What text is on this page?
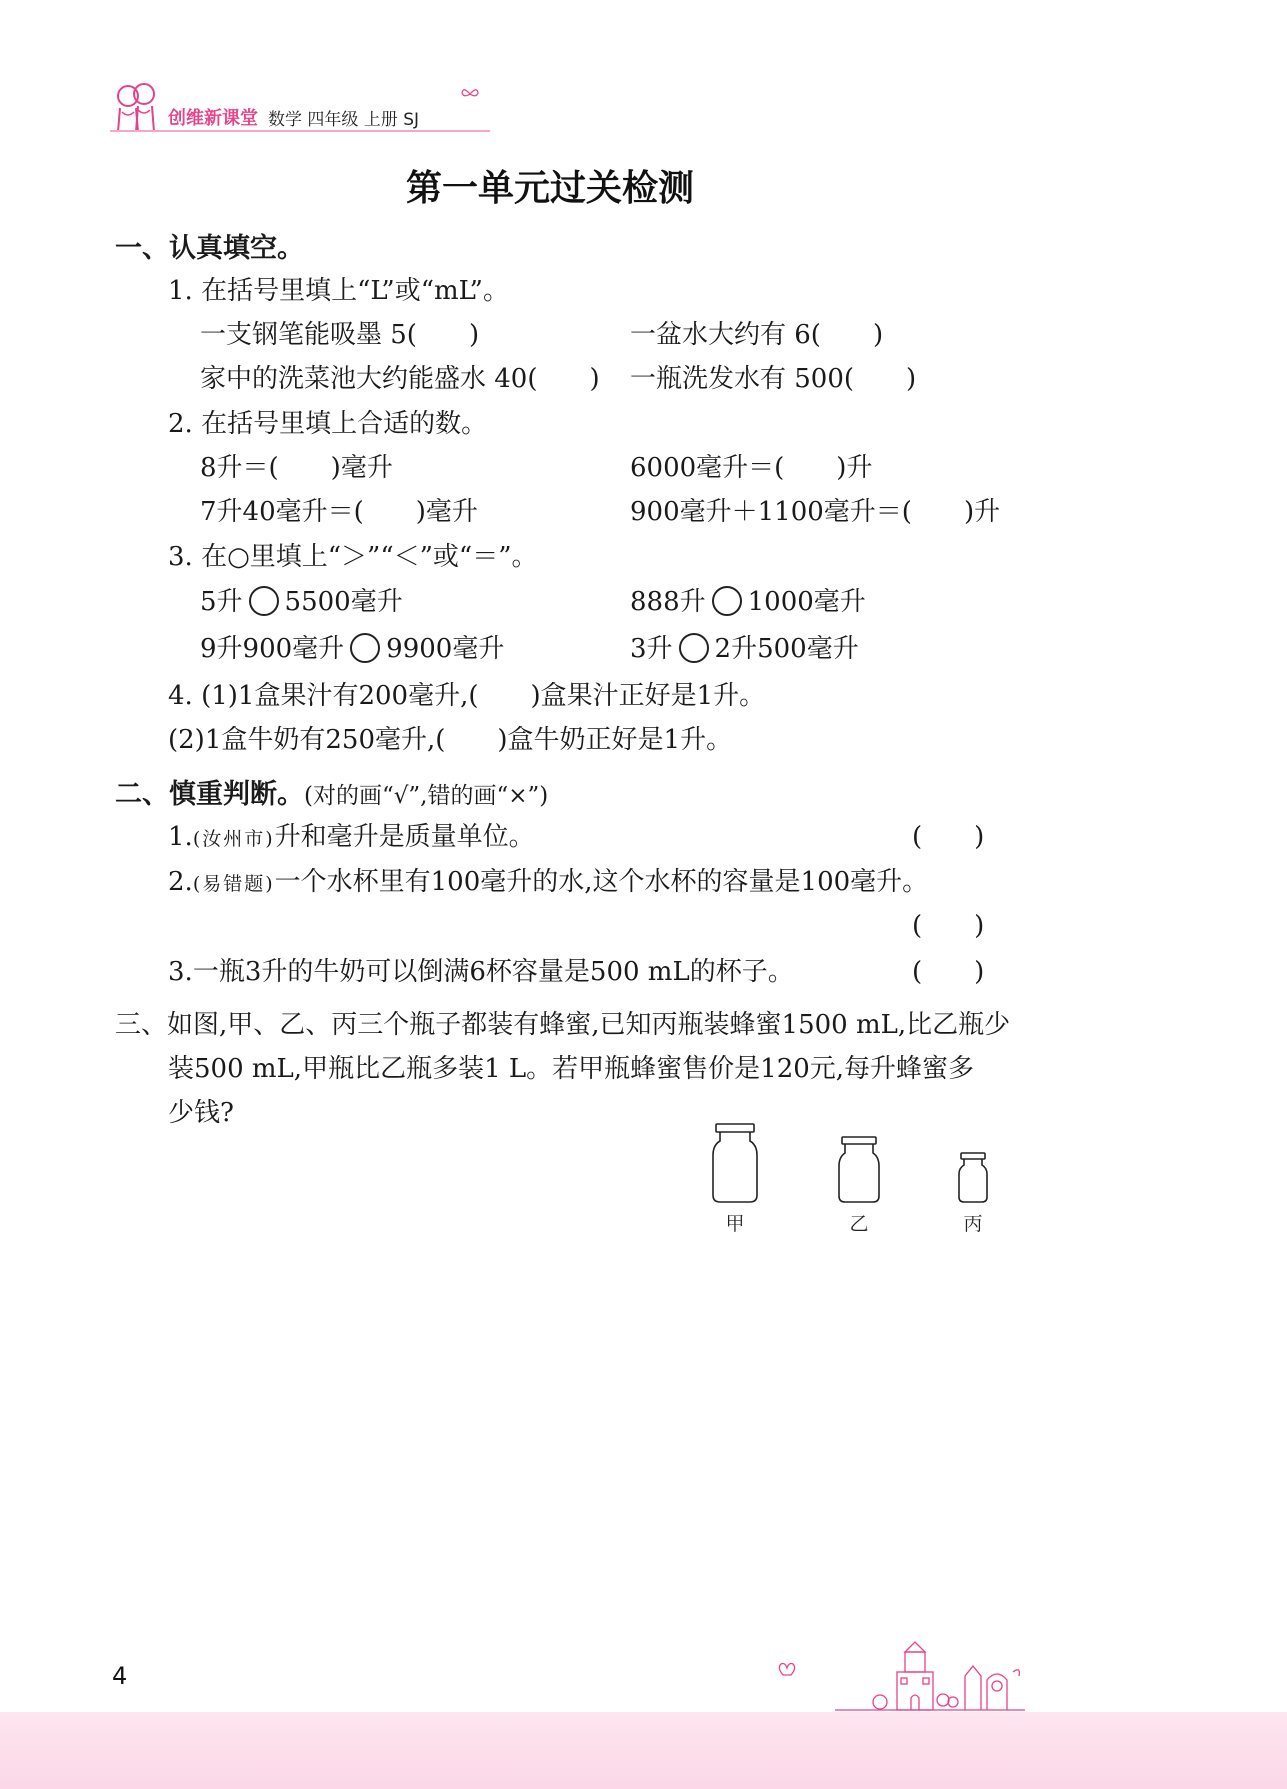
创维新课堂 数学 四年级 上册 SJ
第一单元过关检测
一、认真填空。
1. 在括号里填上“L”或“mL”。
一支钢笔能吸墨 5(　　)	一盆水大约有 6(　　)
家中的洗菜池大约能盛水 40(　　) 一瓶洗发水有 500(　　)
2. 在括号里填上合适的数。
8升＝(　　)毫升	6000毫升＝(　　)升
7升40毫升＝(　　)毫升	900毫升＋1100毫升＝(　　)升
3. 在○里填上“＞”“＜”或“＝”。
5升 5500毫升	888升 1000毫升
9升900毫升 9900毫升	3升 2升500毫升
4. (1)1盒果汁有200毫升,(　　)盒果汁正好是1升。
(2)1盒牛奶有250毫升,(　　)盒牛奶正好是1升。
二、慎重判断。(对的画“√”,错的画“×”)
1.(汝州市)升和毫升是质量单位。	(　　)
2.(易错题)一个水杯里有100毫升的水,这个水杯的容量是100毫升。
(　　)
3.一瓶3升的牛奶可以倒满6杯容量是500 mL的杯子。	(　　)
三、如图,甲、乙、丙三个瓶子都装有蜂蜜,已知丙瓶装蜂蜜1500 mL,比乙瓶少
装500 mL,甲瓶比乙瓶多装1 L。若甲瓶蜂蜜售价是120元,每升蜂蜜多
少钱?
甲	乙	丙
4
